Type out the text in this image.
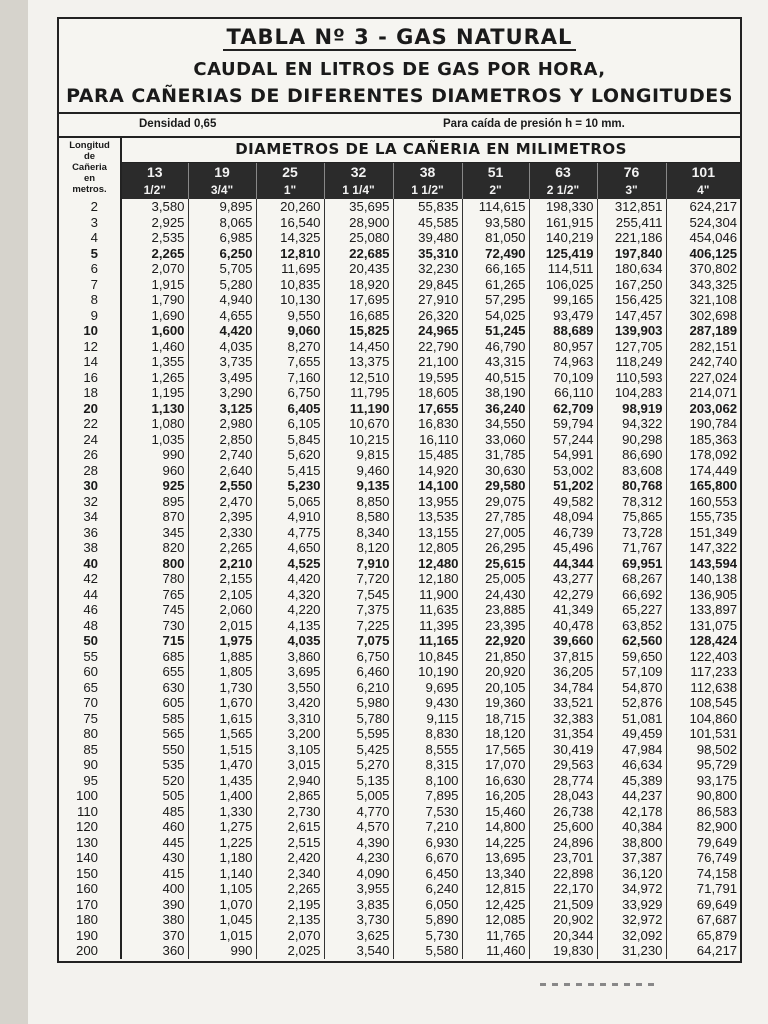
TABLA Nº 3 - GAS NATURAL
CAUDAL EN LITROS DE GAS POR HORA,
PARA CAÑERIAS DE DIFERENTES DIAMETROS Y LONGITUDES
Densidad 0,65	Para caída de presión h = 10 mm.
Longitud
de
Cañeria
en
metros.	DIAMETROS DE LA CAÑERIA EN MILIMETROS								
	13	19	25	32	38	51	63	76	101
	1/2"	3/4"	1"	1 1/4"	1 1/2"	2"	2 1/2"	3"	4"
2	3,580	9,895	20,260	35,695	55,835	114,615	198,330	312,851	624,217
3	2,925	8,065	16,540	28,900	45,585	93,580	161,915	255,411	524,304
4	2,535	6,985	14,325	25,080	39,480	81,050	140,219	221,186	454,046
5	2,265	6,250	12,810	22,685	35,310	72,490	125,419	197,840	406,125
6	2,070	5,705	11,695	20,435	32,230	66,165	114,511	180,634	370,802
7	1,915	5,280	10,835	18,920	29,845	61,265	106,025	167,250	343,325
8	1,790	4,940	10,130	17,695	27,910	57,295	99,165	156,425	321,108
9	1,690	4,655	9,550	16,685	26,320	54,025	93,479	147,457	302,698
10	1,600	4,420	9,060	15,825	24,965	51,245	88,689	139,903	287,189
12	1,460	4,035	8,270	14,450	22,790	46,790	80,957	127,705	282,151
14	1,355	3,735	7,655	13,375	21,100	43,315	74,963	118,249	242,740
16	1,265	3,495	7,160	12,510	19,595	40,515	70,109	110,593	227,024
18	1,195	3,290	6,750	11,795	18,605	38,190	66,110	104,283	214,071
20	1,130	3,125	6,405	11,190	17,655	36,240	62,709	98,919	203,062
22	1,080	2,980	6,105	10,670	16,830	34,550	59,794	94,322	190,784
24	1,035	2,850	5,845	10,215	16,110	33,060	57,244	90,298	185,363
26	990	2,740	5,620	9,815	15,485	31,785	54,991	86,690	178,092
28	960	2,640	5,415	9,460	14,920	30,630	53,002	83,608	174,449
30	925	2,550	5,230	9,135	14,100	29,580	51,202	80,768	165,800
32	895	2,470	5,065	8,850	13,955	29,075	49,582	78,312	160,553
34	870	2,395	4,910	8,580	13,535	27,785	48,094	75,865	155,735
36	345	2,330	4,775	8,340	13,155	27,005	46,739	73,728	151,349
38	820	2,265	4,650	8,120	12,805	26,295	45,496	71,767	147,322
40	800	2,210	4,525	7,910	12,480	25,615	44,344	69,951	143,594
42	780	2,155	4,420	7,720	12,180	25,005	43,277	68,267	140,138
44	765	2,105	4,320	7,545	11,900	24,430	42,279	66,692	136,905
46	745	2,060	4,220	7,375	11,635	23,885	41,349	65,227	133,897
48	730	2,015	4,135	7,225	11,395	23,395	40,478	63,852	131,075
50	715	1,975	4,035	7,075	11,165	22,920	39,660	62,560	128,424
55	685	1,885	3,860	6,750	10,845	21,850	37,815	59,650	122,403
60	655	1,805	3,695	6,460	10,190	20,920	36,205	57,109	117,233
65	630	1,730	3,550	6,210	9,695	20,105	34,784	54,870	112,638
70	605	1,670	3,420	5,980	9,430	19,360	33,521	52,876	108,545
75	585	1,615	3,310	5,780	9,115	18,715	32,383	51,081	104,860
80	565	1,565	3,200	5,595	8,830	18,120	31,354	49,459	101,531
85	550	1,515	3,105	5,425	8,555	17,565	30,419	47,984	98,502
90	535	1,470	3,015	5,270	8,315	17,070	29,563	46,634	95,729
95	520	1,435	2,940	5,135	8,100	16,630	28,774	45,389	93,175
100	505	1,400	2,865	5,005	7,895	16,205	28,043	44,237	90,800
110	485	1,330	2,730	4,770	7,530	15,460	26,738	42,178	86,583
120	460	1,275	2,615	4,570	7,210	14,800	25,600	40,384	82,900
130	445	1,225	2,515	4,390	6,930	14,225	24,896	38,800	79,649
140	430	1,180	2,420	4,230	6,670	13,695	23,701	37,387	76,749
150	415	1,140	2,340	4,090	6,450	13,340	22,898	36,120	74,158
160	400	1,105	2,265	3,955	6,240	12,815	22,170	34,972	71,791
170	390	1,070	2,195	3,835	6,050	12,425	21,509	33,929	69,649
180	380	1,045	2,135	3,730	5,890	12,085	20,902	32,972	67,687
190	370	1,015	2,070	3,625	5,730	11,765	20,344	32,092	65,879
200	360	990	2,025	3,540	5,580	11,460	19,830	31,230	64,217
